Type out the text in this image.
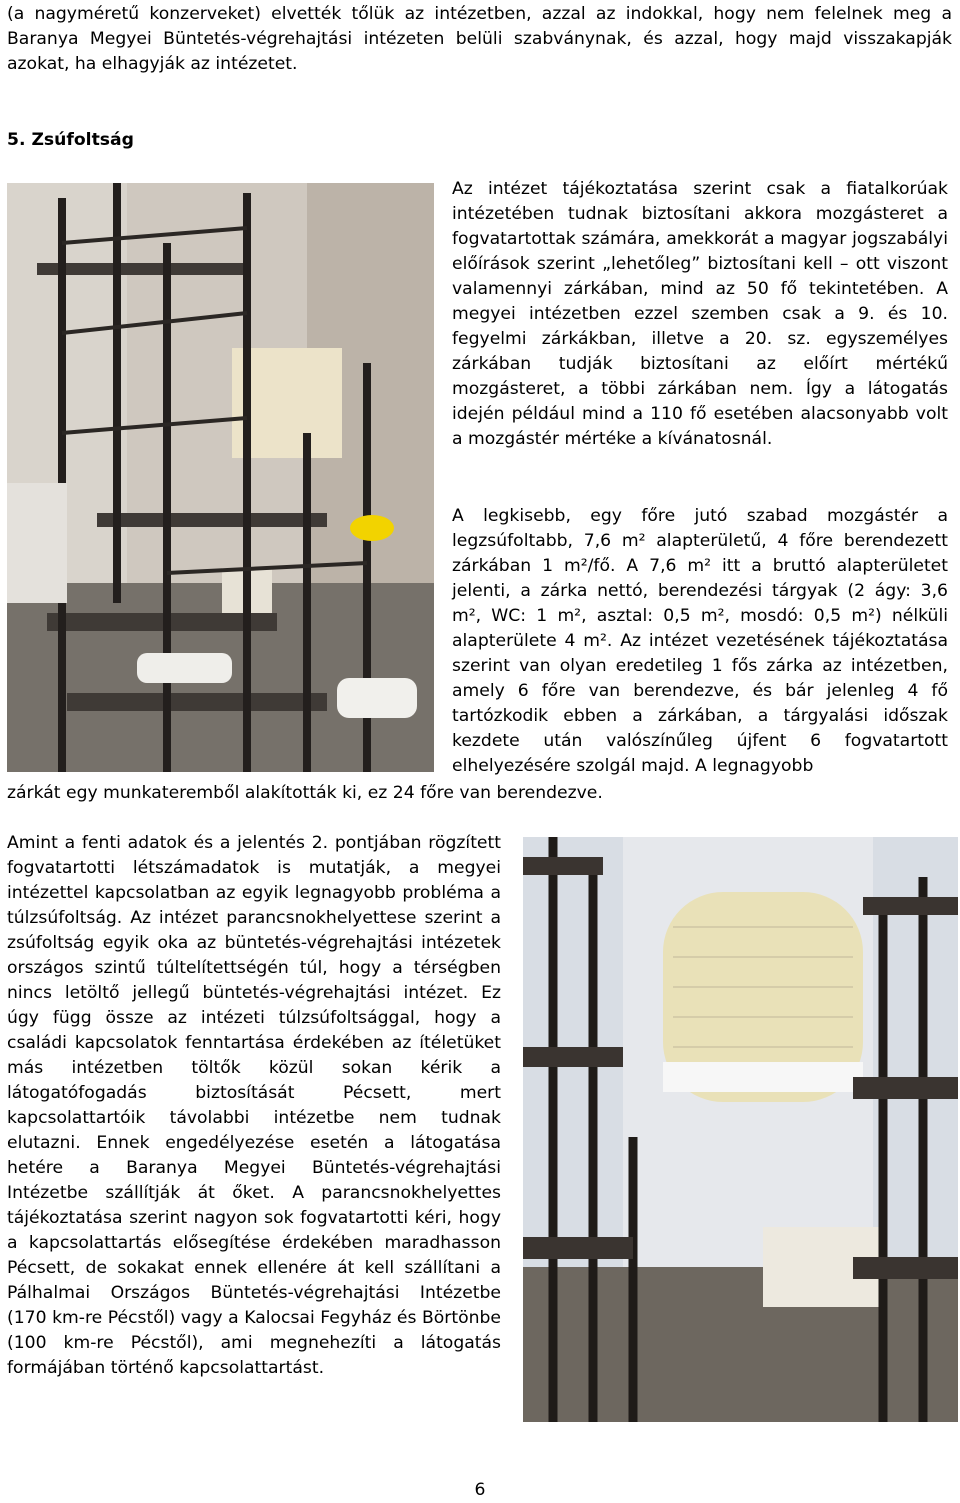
(a nagyméretű konzerveket) elvették tőlük az intézetben, azzal az indokkal, hogy nem felelnek meg a Baranya Megyei Büntetés-végrehajtási intézeten belüli szabványnak, és azzal, hogy majd visszakapják azokat, ha elhagyják az intézetet.

5. Zsúfoltság

Az intézet tájékoztatása szerint csak a fiatalkorúak intézetében tudnak biztosítani akkora mozgásteret a fogvatartottak számára, amekkorát a magyar jogszabályi előírások szerint „lehetőleg” biztosítani kell – ott viszont valamennyi zárkában, mind az 50 fő tekintetében. A megyei intézetben ezzel szemben csak a 9. és 10. fegyelmi zárkákban, illetve a 20. sz. egyszemélyes zárkában tudják biztosítani az előírt mértékű mozgásteret, a többi zárkában nem. Így a látogatás idején például mind a 110 fő esetében alacsonyabb volt a mozgástér mértéke a kívánatosnál.

A legkisebb, egy főre jutó szabad mozgástér a legzsúfoltabb, 7,6 m² alapterületű, 4 főre berendezett zárkában 1 m²/fő. A 7,6 m² itt a bruttó alapterületet jelenti, a zárka nettó, berendezési tárgyak (2 ágy: 3,6 m², WC: 1 m², asztal: 0,5 m², mosdó: 0,5 m²) nélküli alapterülete 4 m². Az intézet vezetésének tájékoztatása szerint van olyan eredetileg 1 fős zárka az intézetben, amely 6 főre van berendezve, és bár jelenleg 4 fő tartózkodik ebben a zárkában, a tárgyalási időszak kezdete után valószínűleg újfent 6 fogvatartott elhelyezésére szolgál majd. A legnagyobb

zárkát egy munkateremből alakították ki, ez 24 főre van berendezve.

Amint a fenti adatok és a jelentés 2. pontjában rögzített fogvatartotti létszámadatok is mutatják, a megyei intézettel kapcsolatban az egyik legnagyobb probléma a túlzsúfoltság. Az intézet parancsnokhelyettese szerint a zsúfoltság egyik oka az büntetés-végrehajtási intézetek országos szintű túltelítettségén túl, hogy a térségben nincs letöltő jellegű büntetés-végrehajtási intézet. Ez úgy függ össze az intézeti túlzsúfoltsággal, hogy a családi kapcsolatok fenntartása érdekében az ítéletüket más intézetben töltők közül sokan kérik a látogatófogadás biztosítását Pécsett, mert kapcsolattartóik távolabbi intézetbe nem tudnak elutazni. Ennek engedélyezése esetén a látogatása hetére a Baranya Megyei Büntetés-végrehajtási Intézetbe szállítják át őket. A parancsnokhelyettes tájékoztatása szerint nagyon sok fogvatartotti kéri, hogy a kapcsolattartás elősegítése érdekében maradhasson Pécsett, de sokakat ennek ellenére át kell szállítani a Pálhalmai Országos Büntetés-végrehajtási Intézetbe (170 km-re Pécstől) vagy a Kalocsai Fegyház és Börtönbe (100 km-re Pécstől), ami megnehezíti a látogatás formájában történő kapcsolattartást.

6
